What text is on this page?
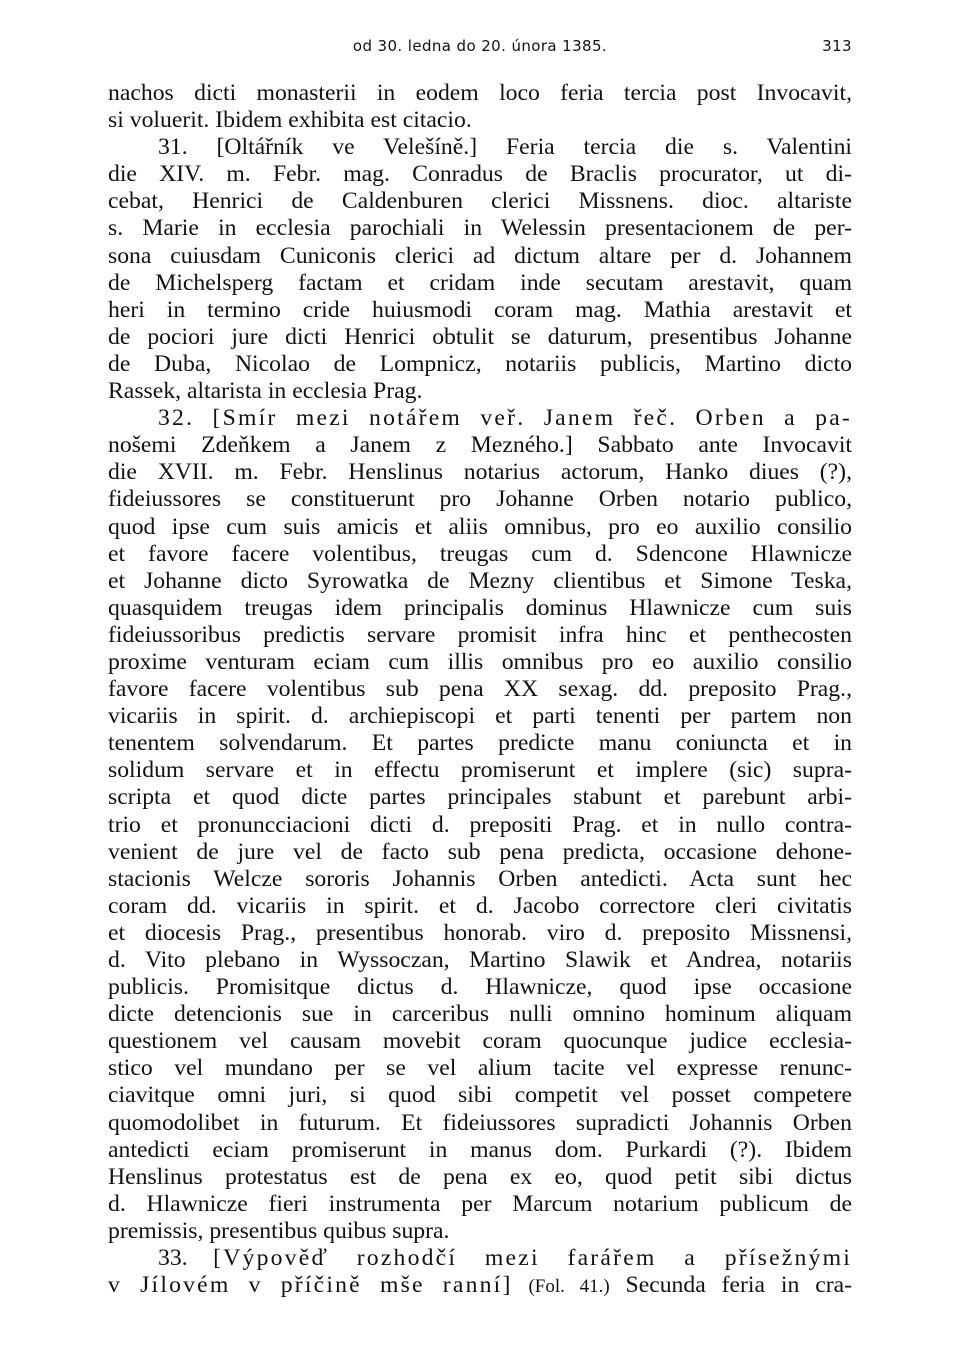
od 30. ledna do 20. února 1385.	313
nachos dicti monasterii in eodem loco feria tercia post Invocavit,
si voluerit. Ibidem exhibita est citacio.
31. [Oltářník ve Velešíně.] Feria tercia die s. Valentini
die XIV. m. Febr. mag. Conradus de Braclis procurator, ut di-
cebat, Henrici de Caldenburen clerici Missnens. dioc. altariste
s. Marie in ecclesia parochiali in Welessin presentacionem de per-
sona cuiusdam Cuniconis clerici ad dictum altare per d. Johannem
de Michelsperg factam et cridam inde secutam arestavit, quam
heri in termino cride huiusmodi coram mag. Mathia arestavit et
de pociori jure dicti Henrici obtulit se daturum, presentibus Johanne
de Duba, Nicolao de Lompnicz, notariis publicis, Martino dicto
Rassek, altarista in ecclesia Prag.
32. [Smír mezi notářem veř. Janem řeč. Orben a pa-
nošemi Zdeňkem a Janem z Mezného.] Sabbato ante Invocavit
die XVII. m. Febr. Henslinus notarius actorum, Hanko diues (?),
fideiussores se constituerunt pro Johanne Orben notario publico,
quod ipse cum suis amicis et aliis omnibus, pro eo auxilio consilio
et favore facere volentibus, treugas cum d. Sdencone Hlawnicze
et Johanne dicto Syrowatka de Mezny clientibus et Simone Teska,
quasquidem treugas idem principalis dominus Hlawnicze cum suis
fideiussoribus predictis servare promisit infra hinc et penthecosten
proxime venturam eciam cum illis omnibus pro eo auxilio consilio
favore facere volentibus sub pena XX sexag. dd. preposito Prag.,
vicariis in spirit. d. archiepiscopi et parti tenenti per partem non
tenentem solvendarum. Et partes predicte manu coniuncta et in
solidum servare et in effectu promiserunt et implere (sic) supra-
scripta et quod dicte partes principales stabunt et parebunt arbi-
trio et pronuncciacioni dicti d. prepositi Prag. et in nullo contra-
venient de jure vel de facto sub pena predicta, occasione dehone-
stacionis Welcze sororis Johannis Orben antedicti. Acta sunt hec
coram dd. vicariis in spirit. et d. Jacobo correctore cleri civitatis
et diocesis Prag., presentibus honorab. viro d. preposito Missnensi,
d. Vito plebano in Wyssoczan, Martino Slawik et Andrea, notariis
publicis. Promisitque dictus d. Hlawnicze, quod ipse occasione
dicte detencionis sue in carceribus nulli omnino hominum aliquam
questionem vel causam movebit coram quocunque judice ecclesia-
stico vel mundano per se vel alium tacite vel expresse renunc-
ciavitque omni juri, si quod sibi competit vel posset competere
quomodolibet in futurum. Et fideiussores supradicti Johannis Orben
antedicti eciam promiserunt in manus dom. Purkardi (?). Ibidem
Henslinus protestatus est de pena ex eo, quod petit sibi dictus
d. Hlawnicze fieri instrumenta per Marcum notarium publicum de
premissis, presentibus quibus supra.
33. [Výpověď rozhodčí mezi farářem a přísežnými
v Jílovém v příčině mše ranní] (Fol. 41.) Secunda feria in cra-
